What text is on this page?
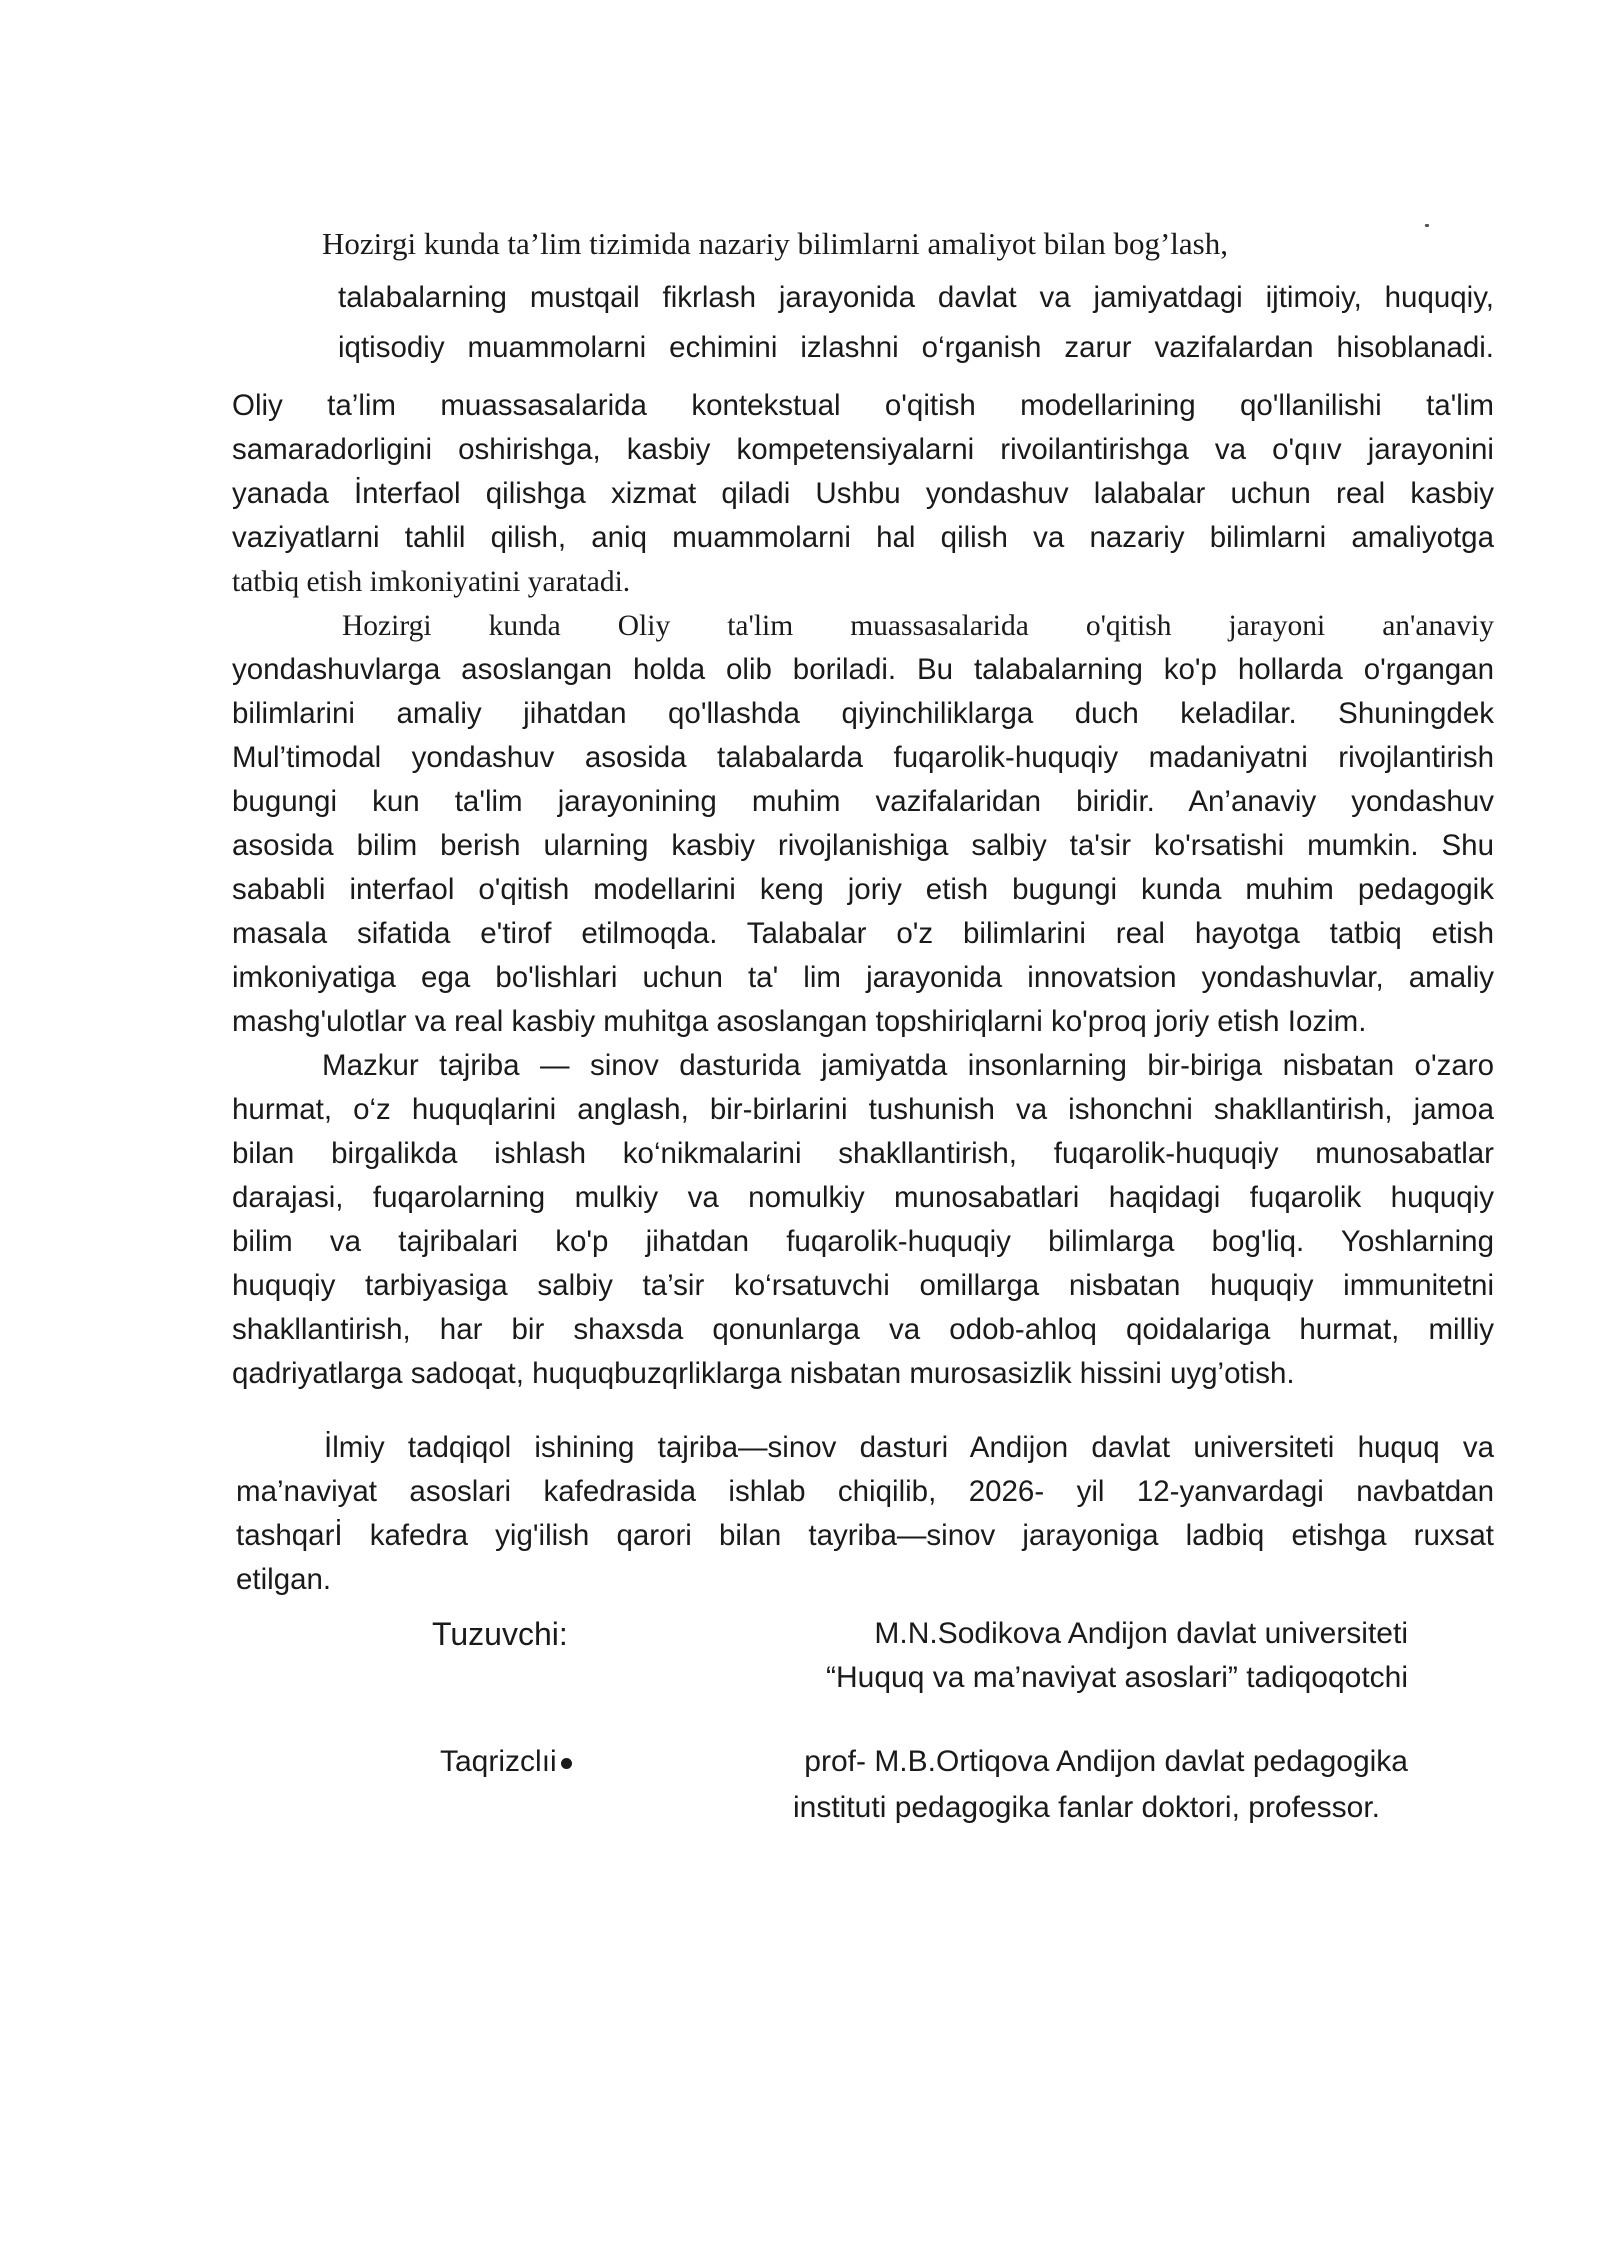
Hozirgi kunda ta’lim tizimida nazariy bilimlarni amaliyot bilan bog’lash,
talabalarning mustqail fikrlash jarayonida davlat va jamiyatdagi ijtimoiy, huquqiy,
iqtisodiy muammolarni echimini izlashni o‘rganish zarur vazifalardan hisoblanadi.
Oliy ta’lim muassasalarida kontekstual o'qitish modellarining qo'llanilishi ta'lim
samaradorligini oshirishga, kasbiy kompetensiyalarni rivoilantirishga va o'qııv jarayonini
yanada İnterfaol qilishga xizmat qiladi Ushbu yondashuv lalabalar uchun real kasbiy
vaziyatlarni tahlil qilish, aniq muammolarni hal qilish va nazariy bilimlarni amaliyotga
tatbiq etish imkoniyatini yaratadi.
Hozirgi kunda Oliy ta'lim muassasalarida o'qitish jarayoni an'anaviy
yondashuvlarga asoslangan holda olib boriladi. Bu talabalarning ko'p hollarda o'rgangan
bilimlarini amaliy jihatdan qo'llashda qiyinchiliklarga duch keladilar. Shuningdek
Mul’timodal yondashuv asosida talabalarda fuqarolik-huquqiy madaniyatni rivojlantirish
bugungi kun ta'lim jarayonining muhim vazifalaridan biridir. An’anaviy yondashuv
asosida bilim berish ularning kasbiy rivojlanishiga salbiy ta'sir ko'rsatishi mumkin. Shu
sababli interfaol o'qitish modellarini keng joriy etish bugungi kunda muhim pedagogik
masala sifatida e'tirof etilmoqda. Talabalar o'z bilimlarini real hayotga tatbiq etish
imkoniyatiga ega bo'lishlari uchun ta' lim jarayonida innovatsion yondashuvlar, amaliy
mashg'ulotlar va real kasbiy muhitga asoslangan topshiriqlarni ko'proq joriy etish Iozim.
Mazkur tajriba — sinov dasturida jamiyatda insonlarning bir-biriga nisbatan o'zaro
hurmat, o‘z huquqlarini anglash, bir-birlarini tushunish va ishonchni shakllantirish, jamoa
bilan birgalikda ishlash ko‘nikmalarini shakllantirish, fuqarolik-huquqiy munosabatlar
darajasi, fuqarolarning mulkiy va nomulkiy munosabatlari haqidagi fuqarolik huquqiy
bilim va tajribalari ko'p jihatdan fuqarolik-huquqiy bilimlarga bog'liq. Yoshlarning
huquqiy tarbiyasiga salbiy ta’sir ko‘rsatuvchi omillarga nisbatan huquqiy immunitetni
shakllantirish, har bir shaxsda qonunlarga va odob-ahloq qoidalariga hurmat, milliy
qadriyatlarga sadoqat, huquqbuzqrliklarga nisbatan murosasizlik hissini uyg’otish.
İlmiy tadqiqol ishining tajriba—sinov dasturi Andijon davlat universiteti huquq va
ma’naviyat asoslari kafedrasida ishlab chiqilib, 2026- yil 12-yanvardagi navbatdan
tashqarİ kafedra yig'ilish qarori bilan tayriba—sinov jarayoniga ladbiq etishga ruxsat
etilgan.
Tuzuvchi:	M.N.Sodikova Andijon davlat universiteti
“Huquq va ma’naviyat asoslari” tadiqoqotchi
Taqrizclıi	prof- M.B.Ortiqova Andijon davlat pedagogika
instituti pedagogika fanlar doktori, professor.
